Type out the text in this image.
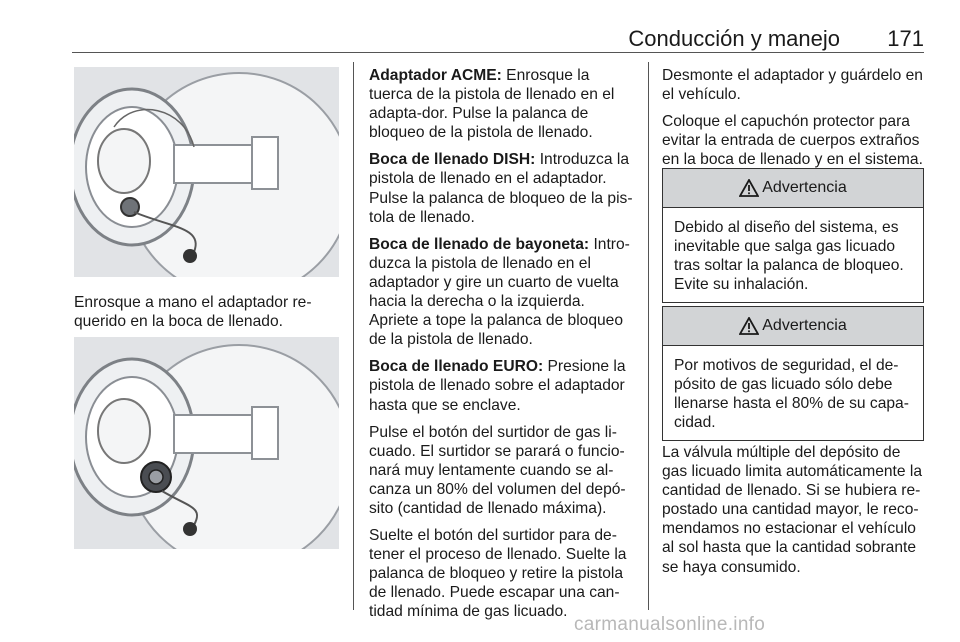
Conducción y manejo 171
Enrosque a mano el adaptador re-querido en la boca de llenado.

Adaptador ACME: Enrosque la tuerca de la pistola de llenado en el adapta-dor. Pulse la palanca de bloqueo de la pistola de llenado.

Boca de llenado DISH: Introduzca la pistola de llenado en el adaptador. Pulse la palanca de bloqueo de la pis-tola de llenado.

Boca de llenado de bayoneta: Intro-duzca la pistola de llenado en el adaptador y gire un cuarto de vuelta hacia la derecha o la izquierda. Apriete a tope la palanca de bloqueo de la pistola de llenado.

Boca de llenado EURO: Presione la pistola de llenado sobre el adaptador hasta que se enclave.

Pulse el botón del surtidor de gas li-cuado. El surtidor se parará o funcio-nará muy lentamente cuando se al-canza un 80% del volumen del depó-sito (cantidad de llenado máxima).

Suelte el botón del surtidor para de-tener el proceso de llenado. Suelte la palanca de bloqueo y retire la pistola de llenado. Puede escapar una can-tidad mínima de gas licuado.

Desmonte el adaptador y guárdelo en el vehículo.

Coloque el capuchón protector para evitar la entrada de cuerpos extraños en la boca de llenado y en el sistema.

Advertencia
Debido al diseño del sistema, es inevitable que salga gas licuado tras soltar la palanca de bloqueo. Evite su inhalación.
Advertencia
Por motivos de seguridad, el de-pósito de gas licuado sólo debe llenarse hasta el 80% de su capa-cidad.

La válvula múltiple del depósito de gas licuado limita automáticamente la cantidad de llenado. Si se hubiera re-postado una cantidad mayor, le reco-mendamos no estacionar el vehículo al sol hasta que la cantidad sobrante se haya consumido.

carmanualsonline.info
